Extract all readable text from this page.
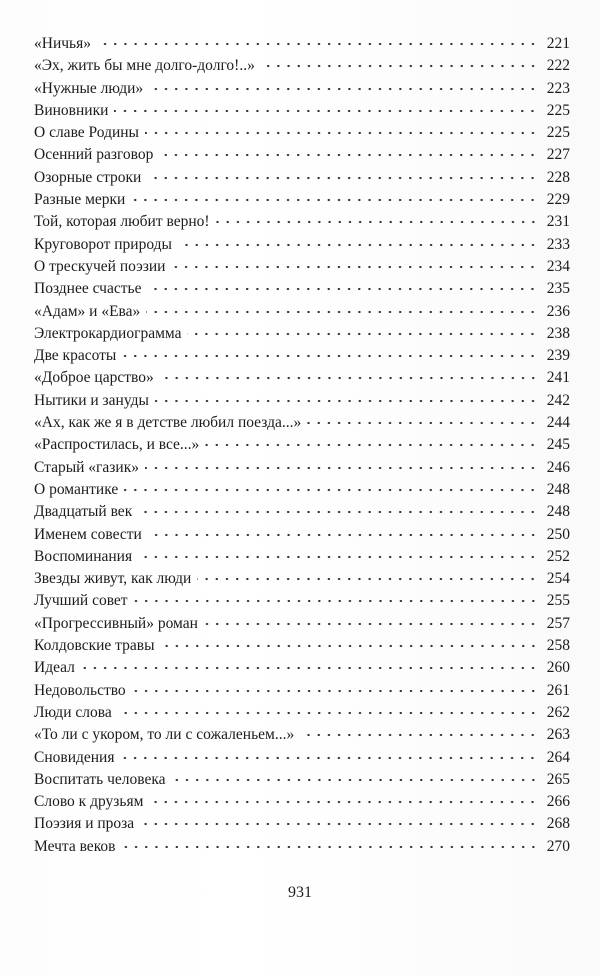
«Ничья»	221
«Эх, жить бы мне долго-долго!..»	222
«Нужные люди»	223
Виновники	225
О славе Родины	225
Осенний разговор	227
Озорные строки	228
Разные мерки	229
Той, которая любит верно!	231
Круговорот природы	233
О трескучей поэзии	234
Позднее счастье	235
«Адам» и «Ева»	236
Электрокардиограмма	238
Две красоты	239
«Доброе царство»	241
Нытики и зануды	242
«Ах, как же я в детстве любил поезда...»	244
«Распростилась, и все...»	245
Старый «газик»	246
О романтике	248
Двадцатый век	248
Именем совести	250
Воспоминания	252
Звезды живут, как люди	254
Лучший совет	255
«Прогрессивный» роман	257
Колдовские травы	258
Идеал	260
Недовольство	261
Люди слова	262
«То ли с укором, то ли с сожаленьем...»	263
Сновидения	264
Воспитать человека	265
Слово к друзьям	266
Поэзия и проза	268
Мечта веков	270
931
